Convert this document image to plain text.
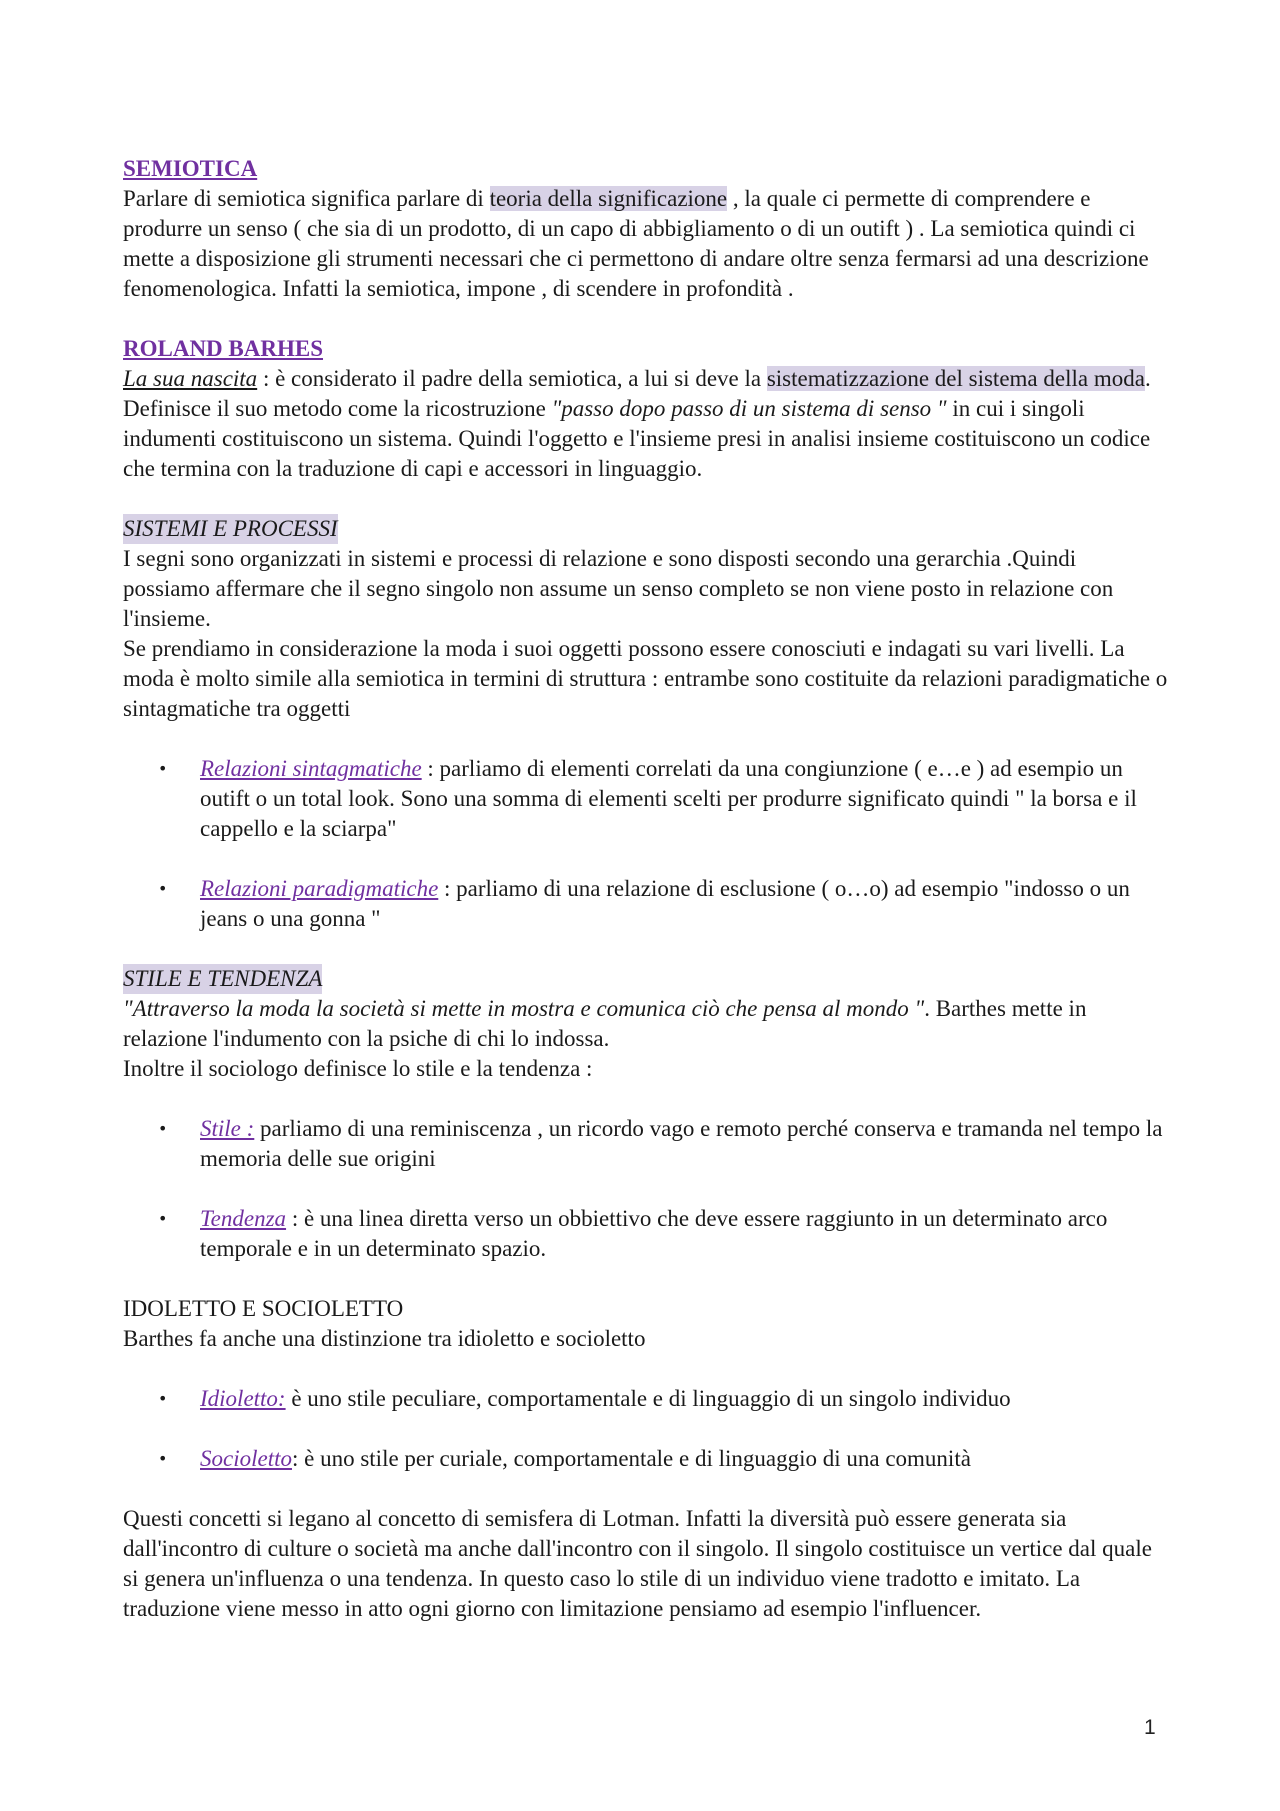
SEMIOTICA

Parlare di semiotica significa parlare di teoria della significazione , la quale ci permette di comprendere e produrre un senso ( che sia di un prodotto, di un capo di abbigliamento o di un outift ) . La semiotica quindi ci mette a disposizione gli strumenti necessari che ci permettono di andare oltre senza fermarsi ad una descrizione fenomenologica. Infatti la semiotica, impone , di scendere in profondità .

ROLAND BARHES

La sua nascita : è considerato il padre della semiotica, a lui si deve la sistematizzazione del sistema della moda. Definisce il suo metodo come la ricostruzione "passo dopo passo di un sistema di senso " in cui i singoli indumenti costituiscono un sistema. Quindi l'oggetto e l'insieme presi in analisi insieme costituiscono un codice che termina con la traduzione di capi e accessori in linguaggio.

SISTEMI E PROCESSI

I segni sono organizzati in sistemi e processi di relazione e sono disposti secondo una gerarchia .Quindi possiamo affermare che il segno singolo non assume un senso completo se non viene posto in relazione con l'insieme.

Se prendiamo in considerazione la moda i suoi oggetti possono essere conosciuti e indagati su vari livelli. La moda è molto simile alla semiotica in termini di struttura : entrambe sono costituite da relazioni paradigmatiche o sintagmatiche tra oggetti

• Relazioni sintagmatiche : parliamo di elementi correlati da una congiunzione ( e…e ) ad esempio un outift o un total look. Sono una somma di elementi scelti per produrre significato quindi " la borsa e il cappello e la sciarpa"
• Relazioni paradigmatiche : parliamo di una relazione di esclusione ( o…o) ad esempio "indosso o un jeans o una gonna "

STILE E TENDENZA

"Attraverso la moda la società si mette in mostra e comunica ciò che pensa al mondo ". Barthes mette in relazione l'indumento con la psiche di chi lo indossa.

Inoltre il sociologo definisce lo stile e la tendenza :

• Stile : parliamo di una reminiscenza , un ricordo vago e remoto perché conserva e tramanda nel tempo la memoria delle sue origini
• Tendenza : è una linea diretta verso un obbiettivo che deve essere raggiunto in un determinato arco temporale e in un determinato spazio.

IDOLETTO E SOCIOLETTO

Barthes fa anche una distinzione tra idioletto e socioletto

• Idioletto: è uno stile peculiare, comportamentale e di linguaggio di un singolo individuo
• Socioletto: è uno stile per curiale, comportamentale e di linguaggio di una comunità

Questi concetti si legano al concetto di semisfera di Lotman. Infatti la diversità può essere generata sia dall'incontro di culture o società ma anche dall'incontro con il singolo. Il singolo costituisce un vertice dal quale si genera un'influenza o una tendenza. In questo caso lo stile di un individuo viene tradotto e imitato. La traduzione viene messo in atto ogni giorno con limitazione pensiamo ad esempio l'influencer.

1
